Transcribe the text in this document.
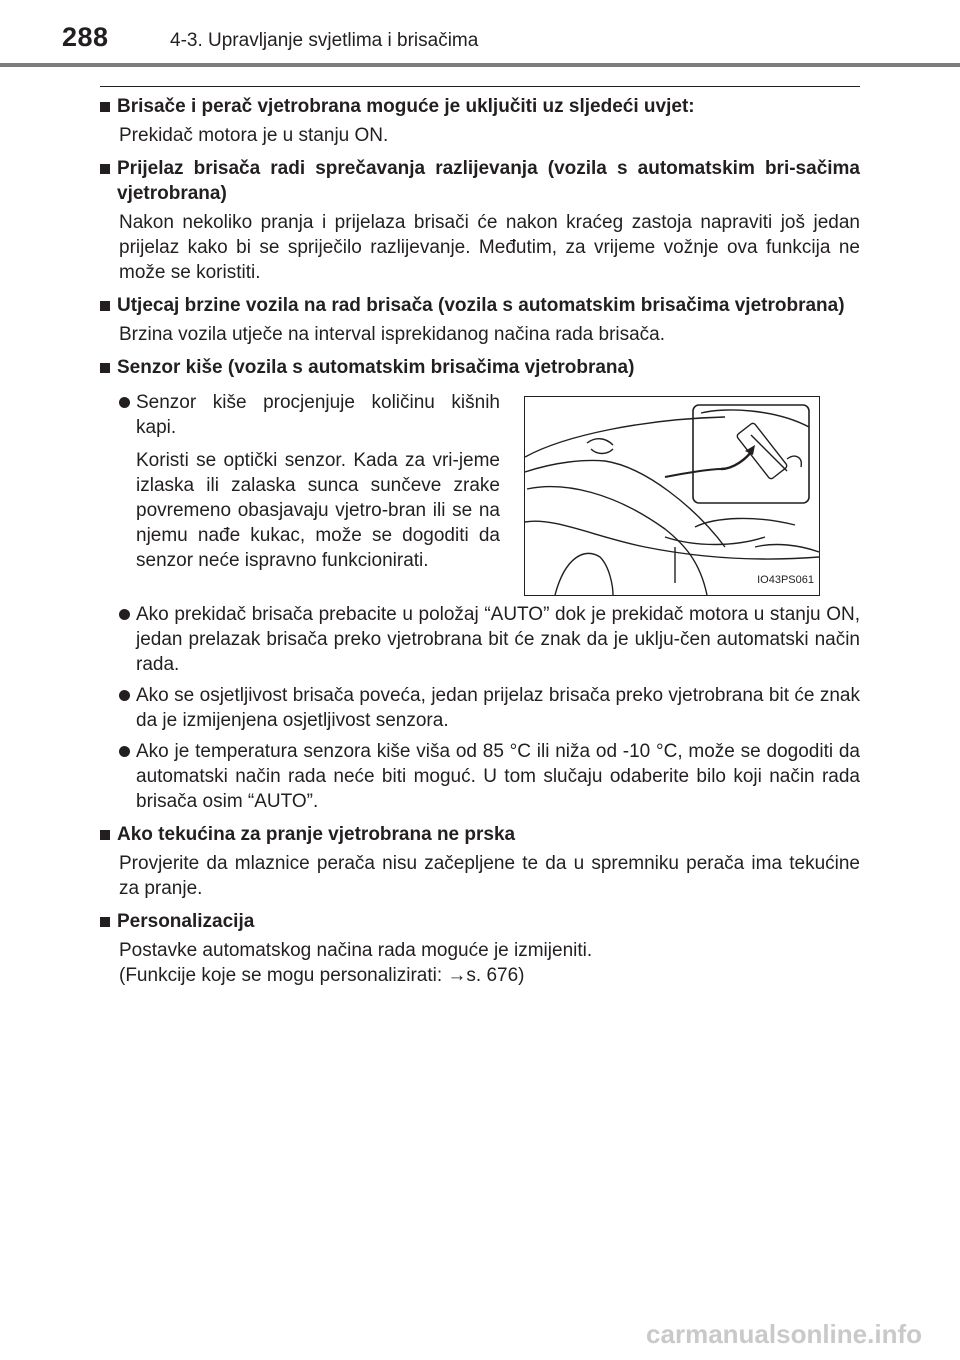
288	4-3. Upravljanje svjetlima i brisačima
Brisače i perač vjetrobrana moguće je uključiti uz sljedeći uvjet:
Prekidač motora je u stanju ON.
Prijelaz brisača radi sprečavanja razlijevanja (vozila s automatskim bri-sačima vjetrobrana)
Nakon nekoliko pranja i prijelaza brisači će nakon kraćeg zastoja napraviti još jedan prijelaz kako bi se spriječilo razlijevanje. Međutim, za vrijeme vožnje ova funkcija ne može se koristiti.
Utjecaj brzine vozila na rad brisača (vozila s automatskim brisačima vjetrobrana)
Brzina vozila utječe na interval isprekidanog načina rada brisača.
Senzor kiše (vozila s automatskim brisačima vjetrobrana)
Senzor kiše procjenjuje količinu kišnih kapi.
Koristi se optički senzor. Kada za vri-jeme izlaska ili zalaska sunca sunčeve zrake povremeno obasjavaju vjetro-bran ili se na njemu nađe kukac, može se dogoditi da senzor neće ispravno funkcionirati.
IO43PS061
Ako prekidač brisača prebacite u položaj “AUTO” dok je prekidač motora u stanju ON, jedan prelazak brisača preko vjetrobrana bit će znak da je uklju-čen automatski način rada.
Ako se osjetljivost brisača poveća, jedan prijelaz brisača preko vjetrobrana bit će znak da je izmijenjena osjetljivost senzora.
Ako je temperatura senzora kiše viša od 85 °C ili niža od -10 °C, može se dogoditi da automatski način rada neće biti moguć. U tom slučaju odaberite bilo koji način rada brisača osim “AUTO”.
Ako tekućina za pranje vjetrobrana ne prska
Provjerite da mlaznice perača nisu začepljene te da u spremniku perača ima tekućine za pranje.
Personalizacija
Postavke automatskog načina rada moguće je izmijeniti.
(Funkcije koje se mogu personalizirati: →s. 676)
carmanualsonline.info
